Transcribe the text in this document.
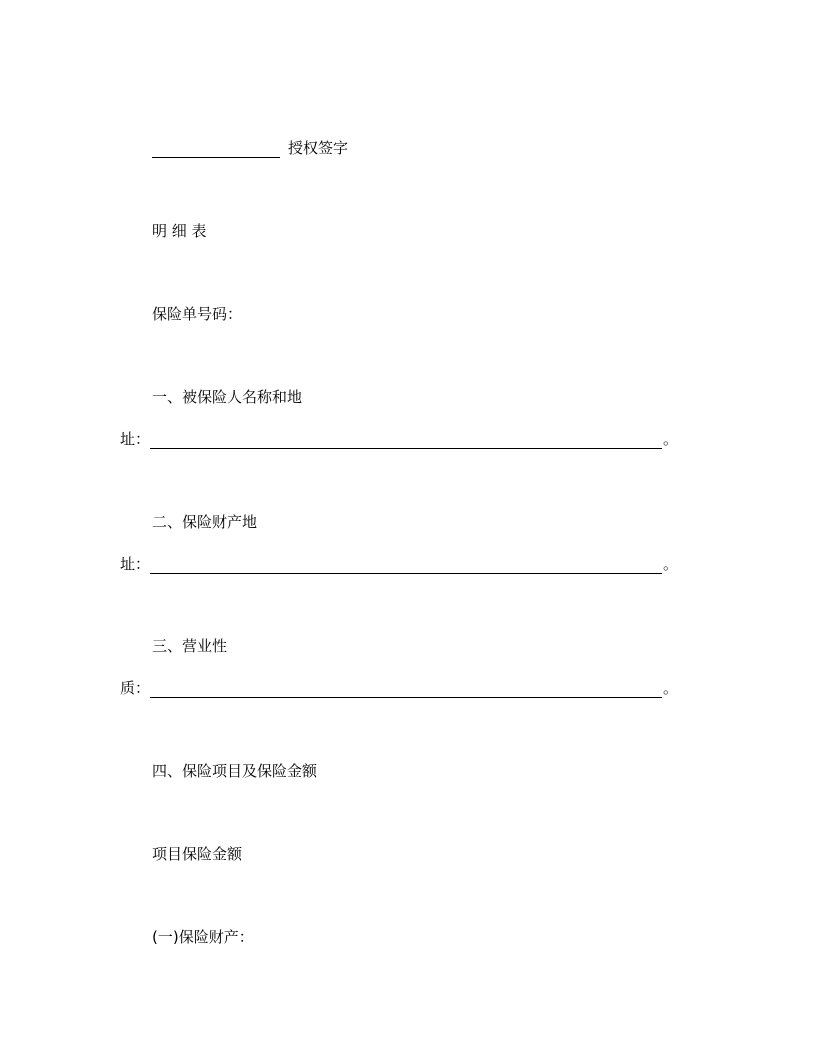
授权签字
明 细 表
保险单号码：
一、被保险人名称和地
址：	。
二、保险财产地
址：	。
三、营业性
质：	。
四、保险项目及保险金额
项目保险金额
(一)保险财产：
